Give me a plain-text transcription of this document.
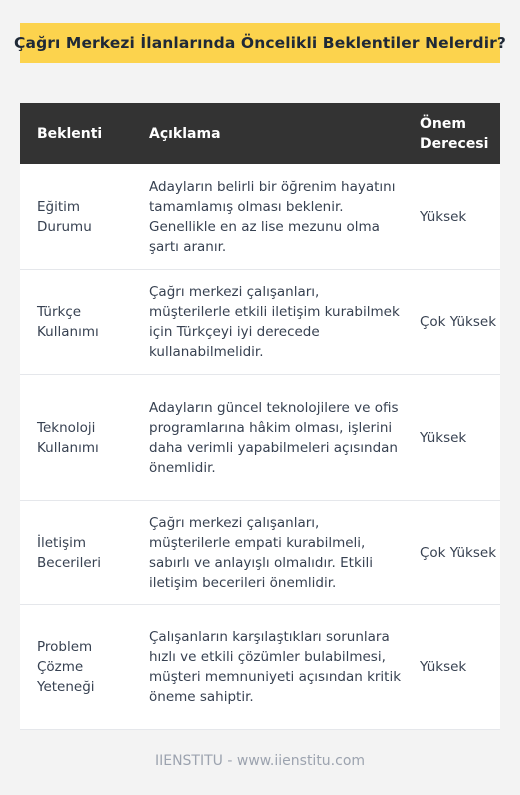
Çağrı Merkezi İlanlarında Öncelikli Beklentiler Nelerdir?
Beklenti	Açıklama
Önem Derecesi
Eğitim Durumu
Adayların belirli bir öğrenim hayatını tamamlamış olması beklenir. Genellikle en az lise mezunu olma şartı aranır.
Yüksek
Türkçe Kullanımı
Çağrı merkezi çalışanları, müşterilerle etkili iletişim kurabilmek için Türkçeyi iyi derecede kullanabilmelidir.
Çok Yüksek
Teknoloji Kullanımı
Adayların güncel teknolojilere ve ofis programlarına hâkim olması, işlerini daha verimli yapabilmeleri açısından önemlidir.
Yüksek
İletişim Becerileri
Çağrı merkezi çalışanları, müşterilerle empati kurabilmeli, sabırlı ve anlayışlı olmalıdır. Etkili iletişim becerileri önemlidir.
Çok Yüksek
Problem Çözme Yeteneği
Çalışanların karşılaştıkları sorunlara hızlı ve etkili çözümler bulabilmesi, müşteri memnuniyeti açısından kritik öneme sahiptir.
Yüksek
IIENSTITU - www.iienstitu.com
